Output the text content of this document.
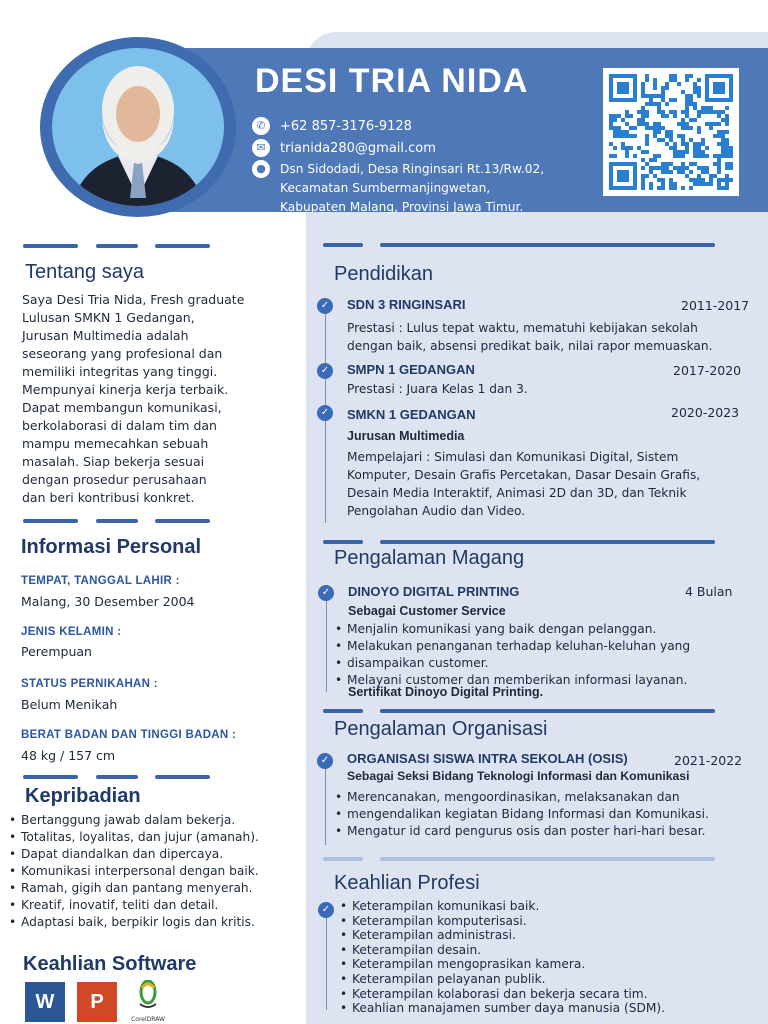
DESI TRIA NIDA
✆	+62 857-3176-9128
✉	trianida280@gmail.com
●	Dsn Sidodadi, Desa Ringinsari Rt.13/Rw.02,
Kecamatan Sumbermanjingwetan,
Kabupaten Malang, Provinsi Jawa Timur.
Tentang saya
Saya Desi Tria Nida, Fresh graduate
Lulusan SMKN 1 Gedangan,
Jurusan Multimedia adalah
seseorang yang profesional dan
memiliki integritas yang tinggi.
Mempunyai kinerja kerja terbaik.
Dapat membangun komunikasi,
berkolaborasi di dalam tim dan
mampu memecahkan sebuah
masalah. Siap bekerja sesuai
dengan prosedur perusahaan
dan beri kontribusi konkret.
Informasi Personal
TEMPAT, TANGGAL LAHIR :
Malang, 30 Desember 2004
JENIS KELAMIN :
Perempuan
STATUS PERNIKAHAN :
Belum Menikah
BERAT BADAN DAN TINGGI BADAN :
48 kg / 157 cm
Kepribadian
• Bertanggung jawab dalam bekerja.
• Totalitas, loyalitas, dan jujur (amanah).
• Dapat diandalkan dan dipercaya.
• Komunikasi interpersonal dengan baik.
• Ramah, gigih dan pantang menyerah.
• Kreatif, inovatif, teliti dan detail.
• Adaptasi baik, berpikir logis dan kritis.
Keahlian Software
W	P
CorelDRAW
Pendidikan
✓ SDN 3 RINGINSARI	2011-2017
Prestasi : Lulus tepat waktu, mematuhi kebijakan sekolah
dengan baik, absensi predikat baik, nilai rapor memuaskan.
✓ SMPN 1 GEDANGAN	2017-2020
Prestasi : Juara Kelas 1 dan 3.
✓ SMKN 1 GEDANGAN	2020-2023
Jurusan Multimedia
Mempelajari : Simulasi dan Komunikasi Digital, Sistem
Komputer, Desain Grafis Percetakan, Dasar Desain Grafis,
Desain Media Interaktif, Animasi 2D dan 3D, dan Teknik
Pengolahan Audio dan Video.
Pengalaman Magang
✓ DINOYO DIGITAL PRINTING	4 Bulan
Sebagai Customer Service
• Menjalin komunikasi yang baik dengan pelanggan.
• Melakukan penanganan terhadap keluhan-keluhan yang
• disampaikan customer.
• Melayani customer dan memberikan informasi layanan.
Sertifikat Dinoyo Digital Printing.
Pengalaman Organisasi
✓ ORGANISASI SISWA INTRA SEKOLAH (OSIS)	2021-2022
Sebagai Seksi Bidang Teknologi Informasi dan Komunikasi
• Merencanakan, mengoordinasikan, melaksanakan dan
• mengendalikan kegiatan Bidang Informasi dan Komunikasi.
• Mengatur id card pengurus osis dan poster hari-hari besar.
Keahlian Profesi
✓
•	Keterampilan komunikasi baik.
• Keterampilan komputerisasi.
• Keterampilan administrasi.
• Keterampilan desain.
• Keterampilan mengoprasikan kamera.
• Keterampilan pelayanan publik.
• Keterampilan kolaborasi dan bekerja secara tim.
• Keahlian manajamen sumber daya manusia (SDM).
